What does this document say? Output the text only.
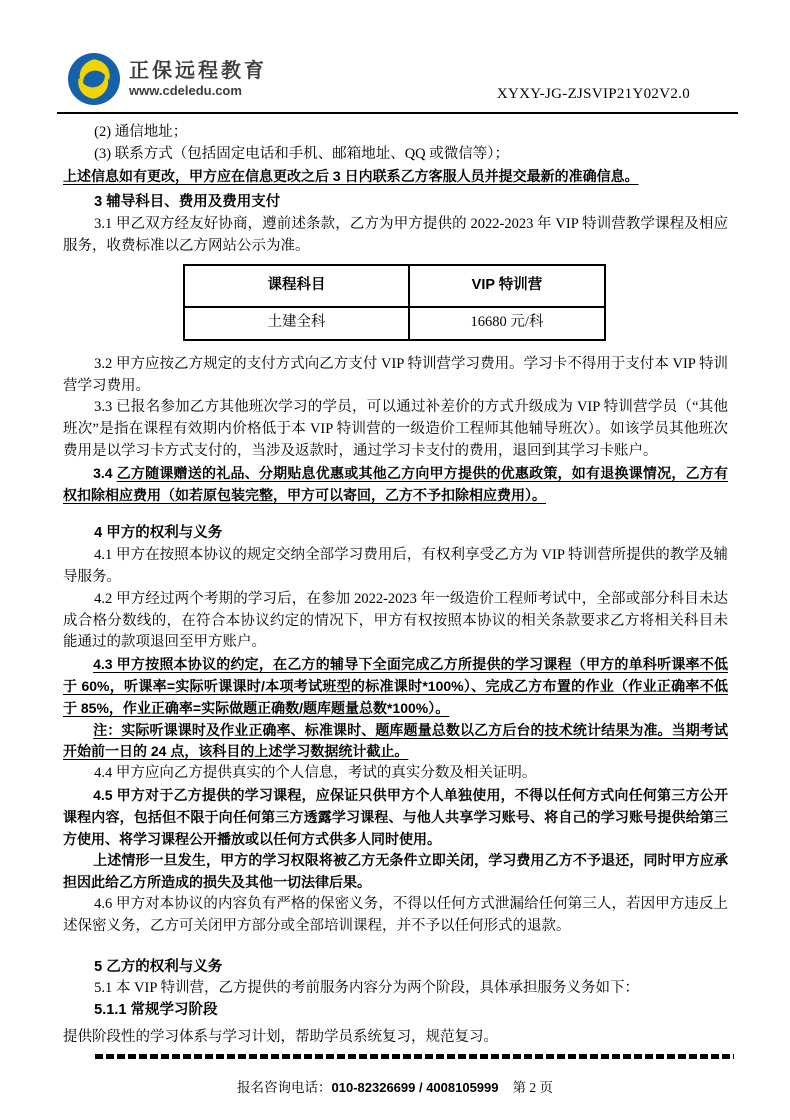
正保远程教育
www.cdeledu.com	XYXY-JG-ZJSVIP21Y02V2.0
(2) 通信地址；
(3) 联系方式（包括固定电话和手机、邮箱地址、QQ 或微信等）；
上述信息如有更改，甲方应在信息更改之后 3 日内联系乙方客服人员并提交最新的准确信息。
3 辅导科目、费用及费用支付
3.1 甲乙双方经友好协商，遵前述条款，乙方为甲方提供的 2022-2023 年 VIP 特训营教学课程及相应服务，收费标准以乙方网站公示为准。
课程科目	VIP 特训营
土建全科	16680 元/科
3.2 甲方应按乙方规定的支付方式向乙方支付 VIP 特训营学习费用。学习卡不得用于支付本 VIP 特训营学习费用。
3.3 已报名参加乙方其他班次学习的学员，可以通过补差价的方式升级成为 VIP 特训营学员（“其他班次”是指在课程有效期内价格低于本 VIP 特训营的一级造价工程师其他辅导班次）。如该学员其他班次费用是以学习卡方式支付的，当涉及返款时，通过学习卡支付的费用，退回到其学习卡账户。
3.4 乙方随课赠送的礼品、分期贴息优惠或其他乙方向甲方提供的优惠政策，如有退换课情况，乙方有权扣除相应费用（如若原包装完整，甲方可以寄回，乙方不予扣除相应费用）。
4 甲方的权利与义务
4.1 甲方在按照本协议的规定交纳全部学习费用后，有权利享受乙方为 VIP 特训营所提供的教学及辅导服务。
4.2 甲方经过两个考期的学习后，在参加 2022-2023 年一级造价工程师考试中，全部或部分科目未达成合格分数线的，在符合本协议约定的情况下，甲方有权按照本协议的相关条款要求乙方将相关科目未能通过的款项退回至甲方账户。
4.3 甲方按照本协议的约定，在乙方的辅导下全面完成乙方所提供的学习课程（甲方的单科听课率不低于 60%，听课率=实际听课课时/本项考试班型的标准课时*100%）、完成乙方布置的作业（作业正确率不低于 85%，作业正确率=实际做题正确数/题库题量总数*100%）。
注：实际听课课时及作业正确率、标准课时、题库题量总数以乙方后台的技术统计结果为准。当期考试开始前一日的 24 点，该科目的上述学习数据统计截止。
4.4 甲方应向乙方提供真实的个人信息，考试的真实分数及相关证明。
4.5 甲方对于乙方提供的学习课程，应保证只供甲方个人单独使用，不得以任何方式向任何第三方公开课程内容，包括但不限于向任何第三方透露学习课程、与他人共享学习账号、将自己的学习账号提供给第三方使用、将学习课程公开播放或以任何方式供多人同时使用。
上述情形一旦发生，甲方的学习权限将被乙方无条件立即关闭，学习费用乙方不予退还，同时甲方应承担因此给乙方所造成的损失及其他一切法律后果。
4.6 甲方对本协议的内容负有严格的保密义务，不得以任何方式泄漏给任何第三人，若因甲方违反上述保密义务，乙方可关闭甲方部分或全部培训课程，并不予以任何形式的退款。
5 乙方的权利与义务
5.1 本 VIP 特训营，乙方提供的考前服务内容分为两个阶段，具体承担服务义务如下：
5.1.1 常规学习阶段
提供阶段性的学习体系与学习计划，帮助学员系统复习，规范复习。
报名咨询电话：010-82326699 / 4008105999 第 2 页
